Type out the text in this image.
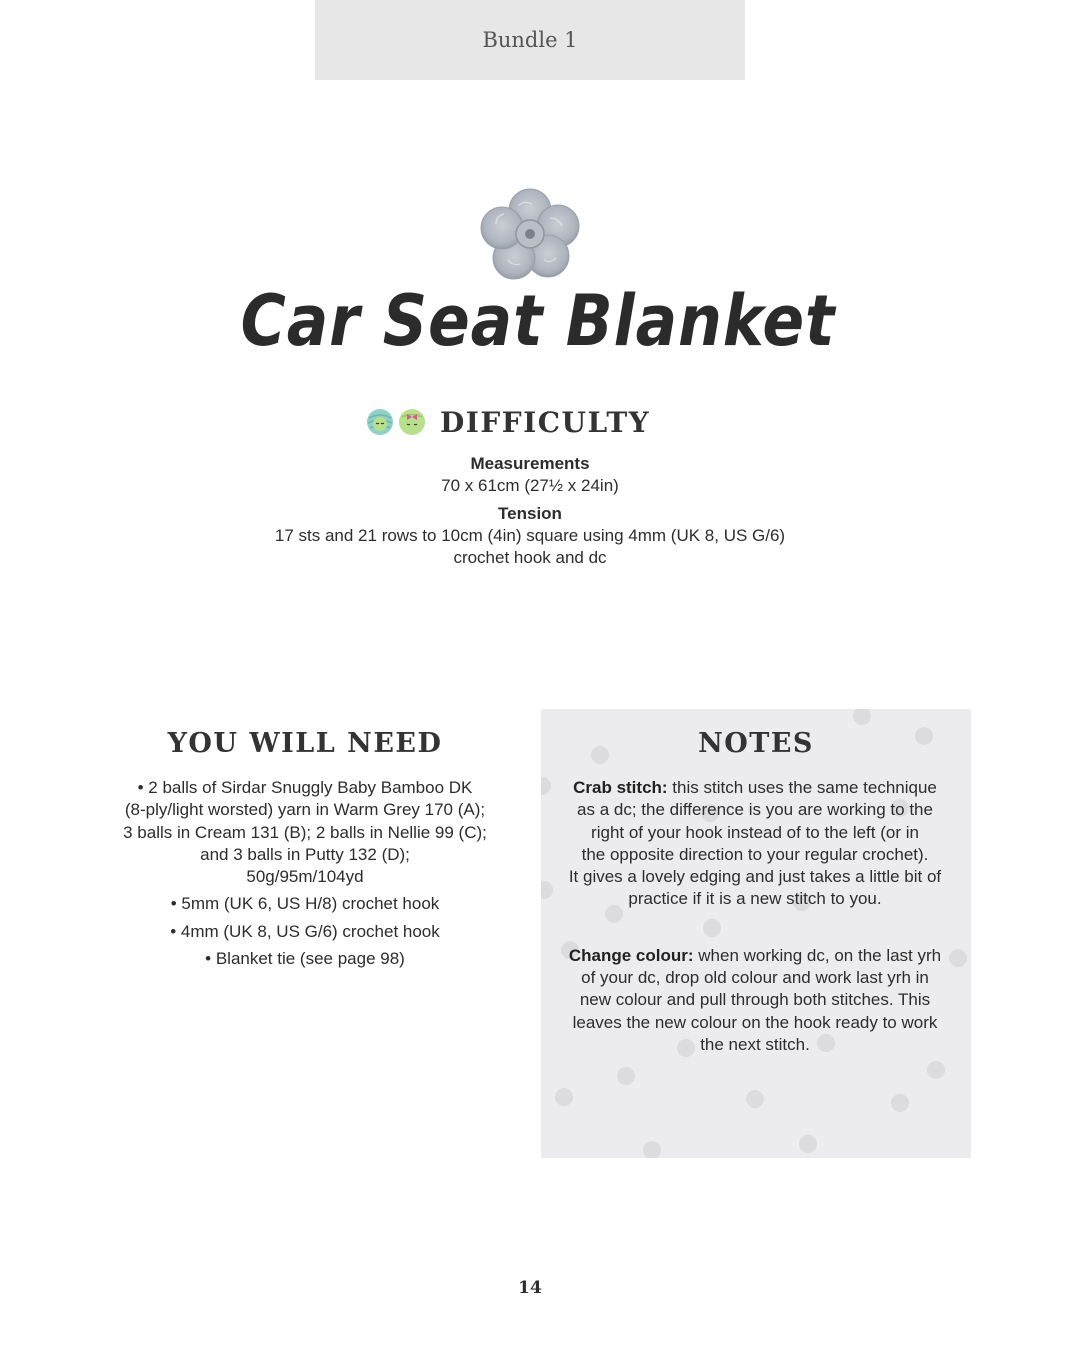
Bundle 1
Car Seat Blanket
DIFFICULTY
Measurements
70 x 61cm (27½ x 24in)
Tension
17 sts and 21 rows to 10cm (4in) square using 4mm (UK 8, US G/6)
crochet hook and dc
YOU WILL NEED

• 2 balls of Sirdar Snuggly Baby Bamboo DK
(8-ply/light worsted) yarn in Warm Grey 170 (A);
3 balls in Cream 131 (B); 2 balls in Nellie 99 (C);
and 3 balls in Putty 132 (D);
50g/95m/104yd

• 5mm (UK 6, US H/8) crochet hook

• 4mm (UK 8, US G/6) crochet hook

• Blanket tie (see page 98)

NOTES

Crab stitch: this stitch uses the same technique
as a dc; the difference is you are working to the
right of your hook instead of to the left (or in
the opposite direction to your regular crochet).
It gives a lovely edging and just takes a little bit of
practice if it is a new stitch to you.

Change colour: when working dc, on the last yrh
of your dc, drop old colour and work last yrh in
new colour and pull through both stitches. This
leaves the new colour on the hook ready to work
the next stitch.

14
